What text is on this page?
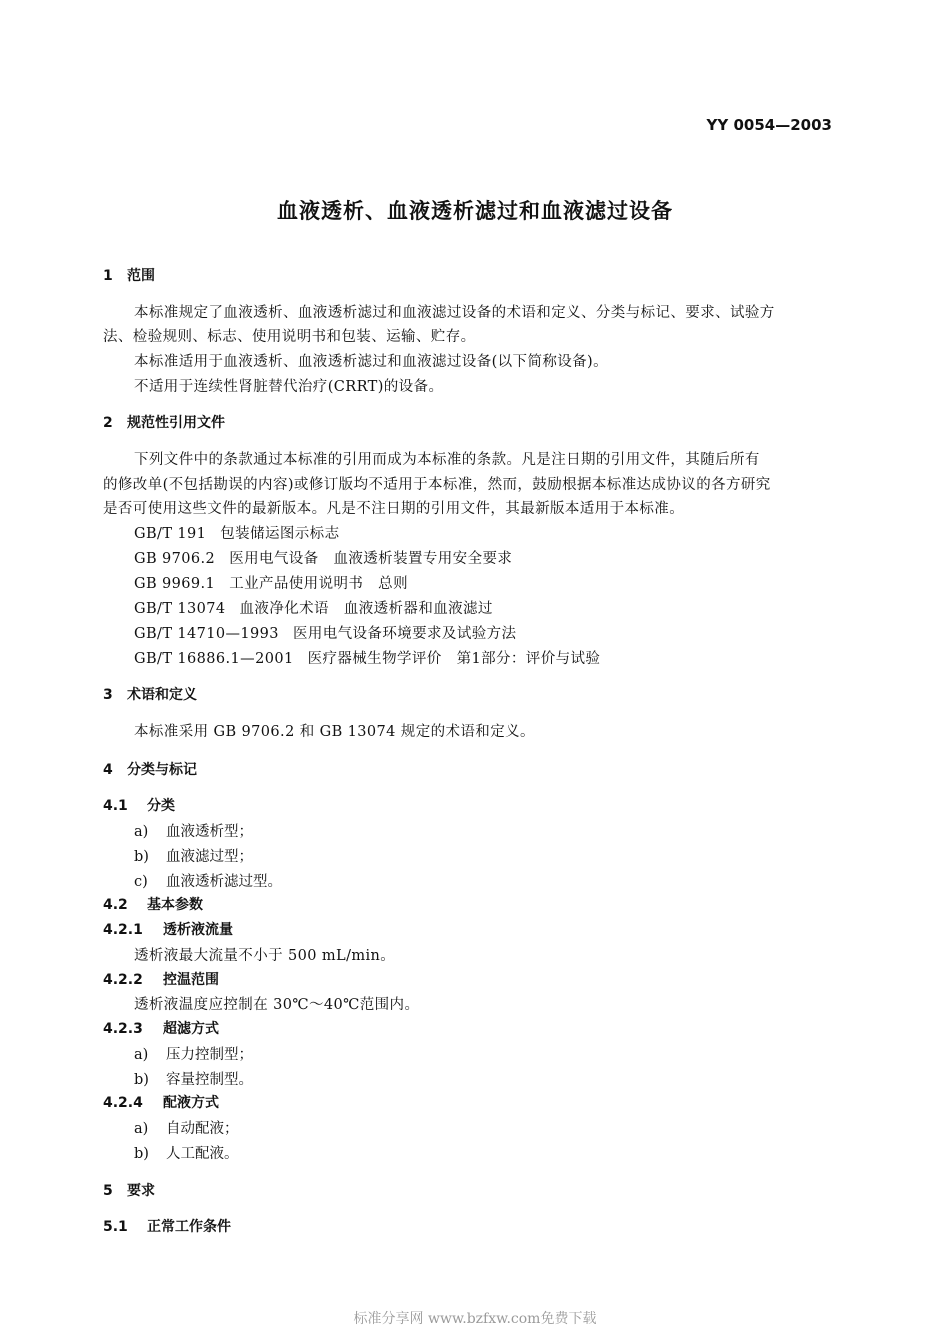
YY 0054—2003
血液透析、血液透析滤过和血液滤过设备
1 范围
本标准规定了血液透析、血液透析滤过和血液滤过设备的术语和定义、分类与标记、要求、试验方
法、检验规则、标志、使用说明书和包装、运输、贮存。
本标准适用于血液透析、血液透析滤过和血液滤过设备(以下简称设备)。
不适用于连续性肾脏替代治疗(CRRT)的设备。
2 规范性引用文件
下列文件中的条款通过本标准的引用而成为本标准的条款。凡是注日期的引用文件，其随后所有
的修改单(不包括勘误的内容)或修订版均不适用于本标准，然而，鼓励根据本标准达成协议的各方研究
是否可使用这些文件的最新版本。凡是不注日期的引用文件，其最新版本适用于本标准。
GB/T 191 包装储运图示标志
GB 9706.2 医用电气设备　血液透析装置专用安全要求
GB 9969.1 工业产品使用说明书　总则
GB/T 13074 血液净化术语　血液透析器和血液滤过
GB/T 14710—1993 医用电气设备环境要求及试验方法
GB/T 16886.1—2001 医疗器械生物学评价　第1部分：评价与试验
3 术语和定义
本标准采用 GB 9706.2 和 GB 13074 规定的术语和定义。
4 分类与标记
4.1 分类
a) 血液透析型；
b) 血液滤过型；
c) 血液透析滤过型。
4.2 基本参数
4.2.1 透析液流量
透析液最大流量不小于 500 mL/min。
4.2.2 控温范围
透析液温度应控制在 30℃～40℃范围内。
4.2.3 超滤方式
a) 压力控制型；
b) 容量控制型。
4.2.4 配液方式
a) 自动配液；
b) 人工配液。
5 要求
5.1 正常工作条件
标准分享网 www.bzfxw.com免费下载
